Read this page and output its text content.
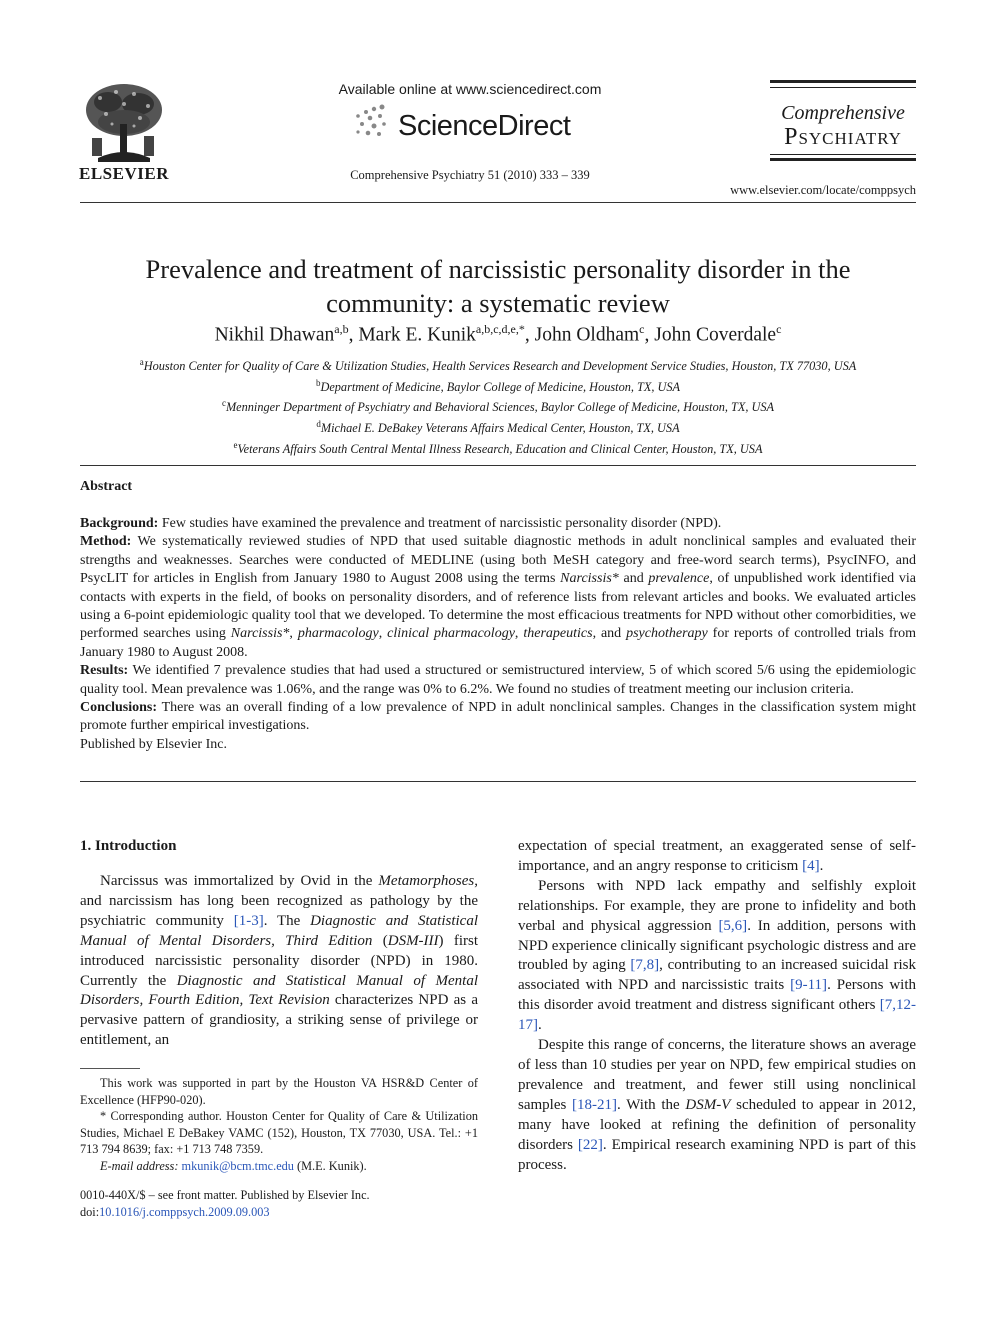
ELSEVIER
Available online at www.sciencedirect.com
ScienceDirect
Comprehensive Psychiatry 51 (2010) 333 – 339
Comprehensive
Psychiatry
www.elsevier.com/locate/comppsych
Prevalence and treatment of narcissistic personality disorder in the
community: a systematic review
Nikhil Dhawan$^{a,b}$, Mark E. Kunik$^{a,b,c,d,e,*}$, John Oldham$^c$, John Coverdale$^c$
$^a$Houston Center for Quality of Care & Utilization Studies, Health Services Research and Development Service Studies, Houston, TX 77030, USA
$^b$Department of Medicine, Baylor College of Medicine, Houston, TX, USA
$^c$Menninger Department of Psychiatry and Behavioral Sciences, Baylor College of Medicine, Houston, TX, USA
$^d$Michael E. DeBakey Veterans Affairs Medical Center, Houston, TX, USA
$^e$Veterans Affairs South Central Mental Illness Research, Education and Clinical Center, Houston, TX, USA
Abstract

Background: Few studies have examined the prevalence and treatment of narcissistic personality disorder (NPD).

Method: We systematically reviewed studies of NPD that used suitable diagnostic methods in adult nonclinical samples and evaluated their strengths and weaknesses. Searches were conducted of MEDLINE (using both MeSH category and free-word search terms), PsycINFO, and PsycLIT for articles in English from January 1980 to August 2008 using the terms Narcissis* and prevalence, of unpublished work identified via contacts with experts in the field, of books on personality disorders, and of reference lists from relevant articles and books. We evaluated articles using a 6-point epidemiologic quality tool that we developed. To determine the most efficacious treatments for NPD without other comorbidities, we performed searches using Narcissis*, pharmacology, clinical pharmacology, therapeutics, and psychotherapy for reports of controlled trials from January 1980 to August 2008.

Results: We identified 7 prevalence studies that had used a structured or semistructured interview, 5 of which scored 5/6 using the epidemiologic quality tool. Mean prevalence was 1.06%, and the range was 0% to 6.2%. We found no studies of treatment meeting our inclusion criteria.

Conclusions: There was an overall finding of a low prevalence of NPD in adult nonclinical samples. Changes in the classification system might promote further empirical investigations.

Published by Elsevier Inc.

1. Introduction

Narcissus was immortalized by Ovid in the Metamorphoses, and narcissism has long been recognized as pathology by the psychiatric community [1-3]. The Diagnostic and Statistical Manual of Mental Disorders, Third Edition (DSM-III) first introduced narcissistic personality disorder (NPD) in 1980. Currently the Diagnostic and Statistical Manual of Mental Disorders, Fourth Edition, Text Revision characterizes NPD as a pervasive pattern of grandiosity, a striking sense of privilege or entitlement, an

This work was supported in part by the Houston VA HSR&D Center of Excellence (HFP90-020).

* Corresponding author. Houston Center for Quality of Care & Utilization Studies, Michael E DeBakey VAMC (152), Houston, TX 77030, USA. Tel.: +1 713 794 8639; fax: +1 713 748 7359.

E-mail address: mkunik@bcm.tmc.edu (M.E. Kunik).

0010-440X/$ – see front matter. Published by Elsevier Inc.

doi:10.1016/j.comppsych.2009.09.003

expectation of special treatment, an exaggerated sense of self-importance, and an angry response to criticism [4].

Persons with NPD lack empathy and selfishly exploit relationships. For example, they are prone to infidelity and both verbal and physical aggression [5,6]. In addition, persons with NPD experience clinically significant psychologic distress and are troubled by aging [7,8], contributing to an increased suicidal risk associated with NPD and narcissistic traits [9-11]. Persons with this disorder avoid treatment and distress significant others [7,12-17].

Despite this range of concerns, the literature shows an average of less than 10 studies per year on NPD, few empirical studies on prevalence and treatment, and fewer still using nonclinical samples [18-21]. With the DSM-V scheduled to appear in 2012, many have looked at refining the definition of personality disorders [22]. Empirical research examining NPD is part of this process.
